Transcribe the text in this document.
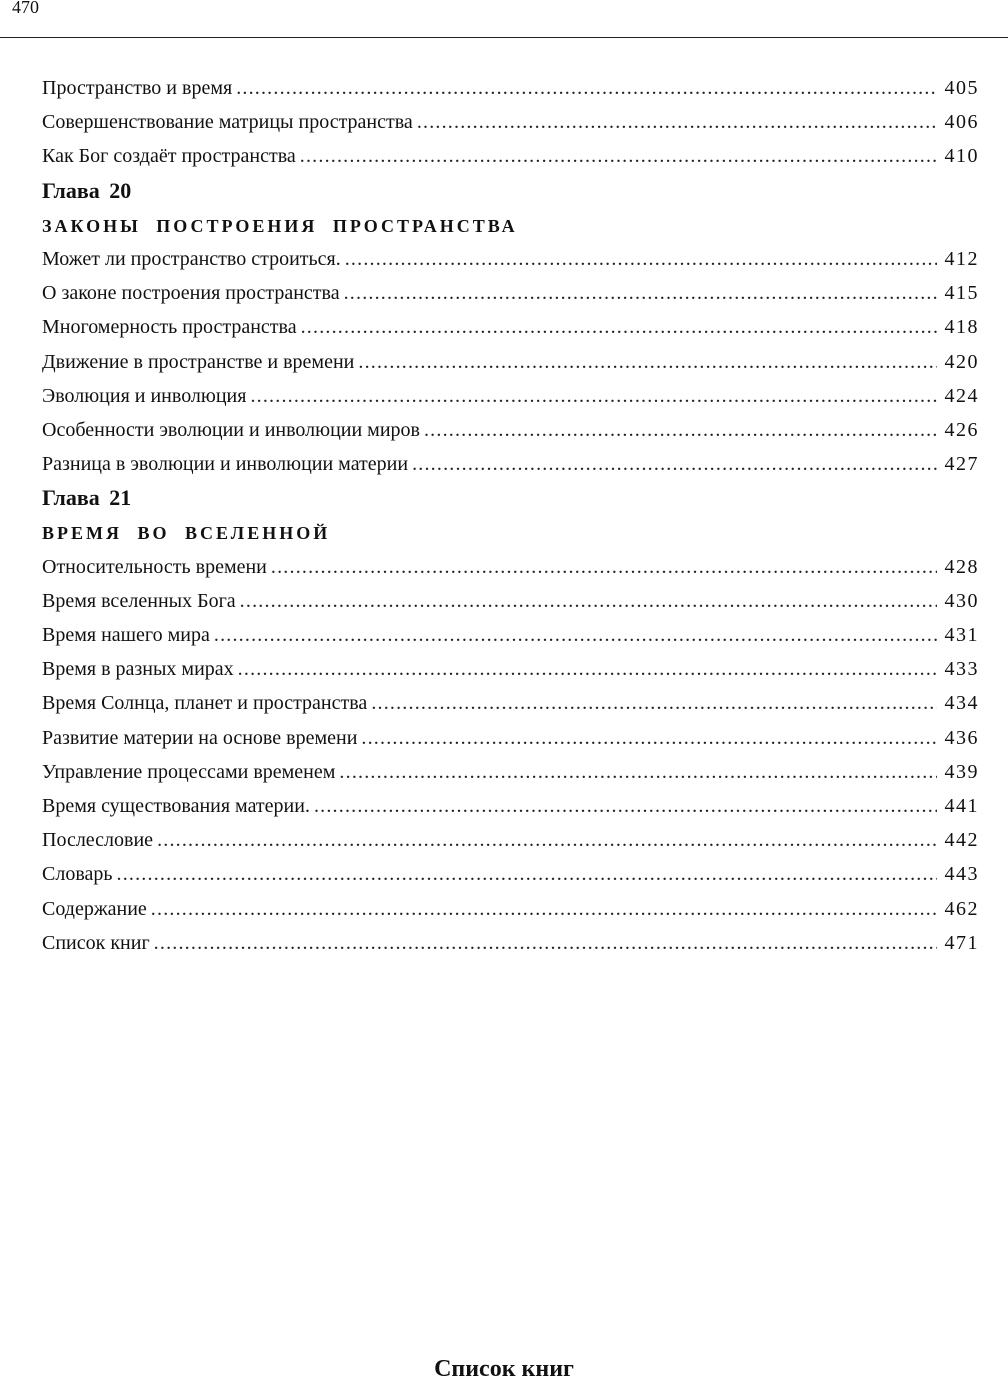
470
Пространство и время .....	405
Совершенствование матрицы пространства .....	406
Как Бог создаёт пространства .....	410
Глава 20
ЗАКОНЫ ПОСТРОЕНИЯ ПРОСТРАНСТВА
Может ли пространство строиться. .....	412
О законе построения пространства .....	415
Многомерность пространства .....	418
Движение в пространстве и времени .....	420
Эволюция и инволюция .....	424
Особенности эволюции и инволюции миров .....	426
Разница в эволюции и инволюции материи .....	427
Глава 21
ВРЕМЯ ВО ВСЕЛЕННОЙ
Относительность времени .....	428
Время вселенных Бога .....	430
Время нашего мира .....	431
Время в разных мирах .....	433
Время Солнца, планет и пространства .....	434
Развитие материи на основе времени .....	436
Управление процессами временем .....	439
Время существования материи. .....	441
Послесловие .....	442
Словарь .....	443
Содержание .....	462
Список книг .....	471
Список книг
